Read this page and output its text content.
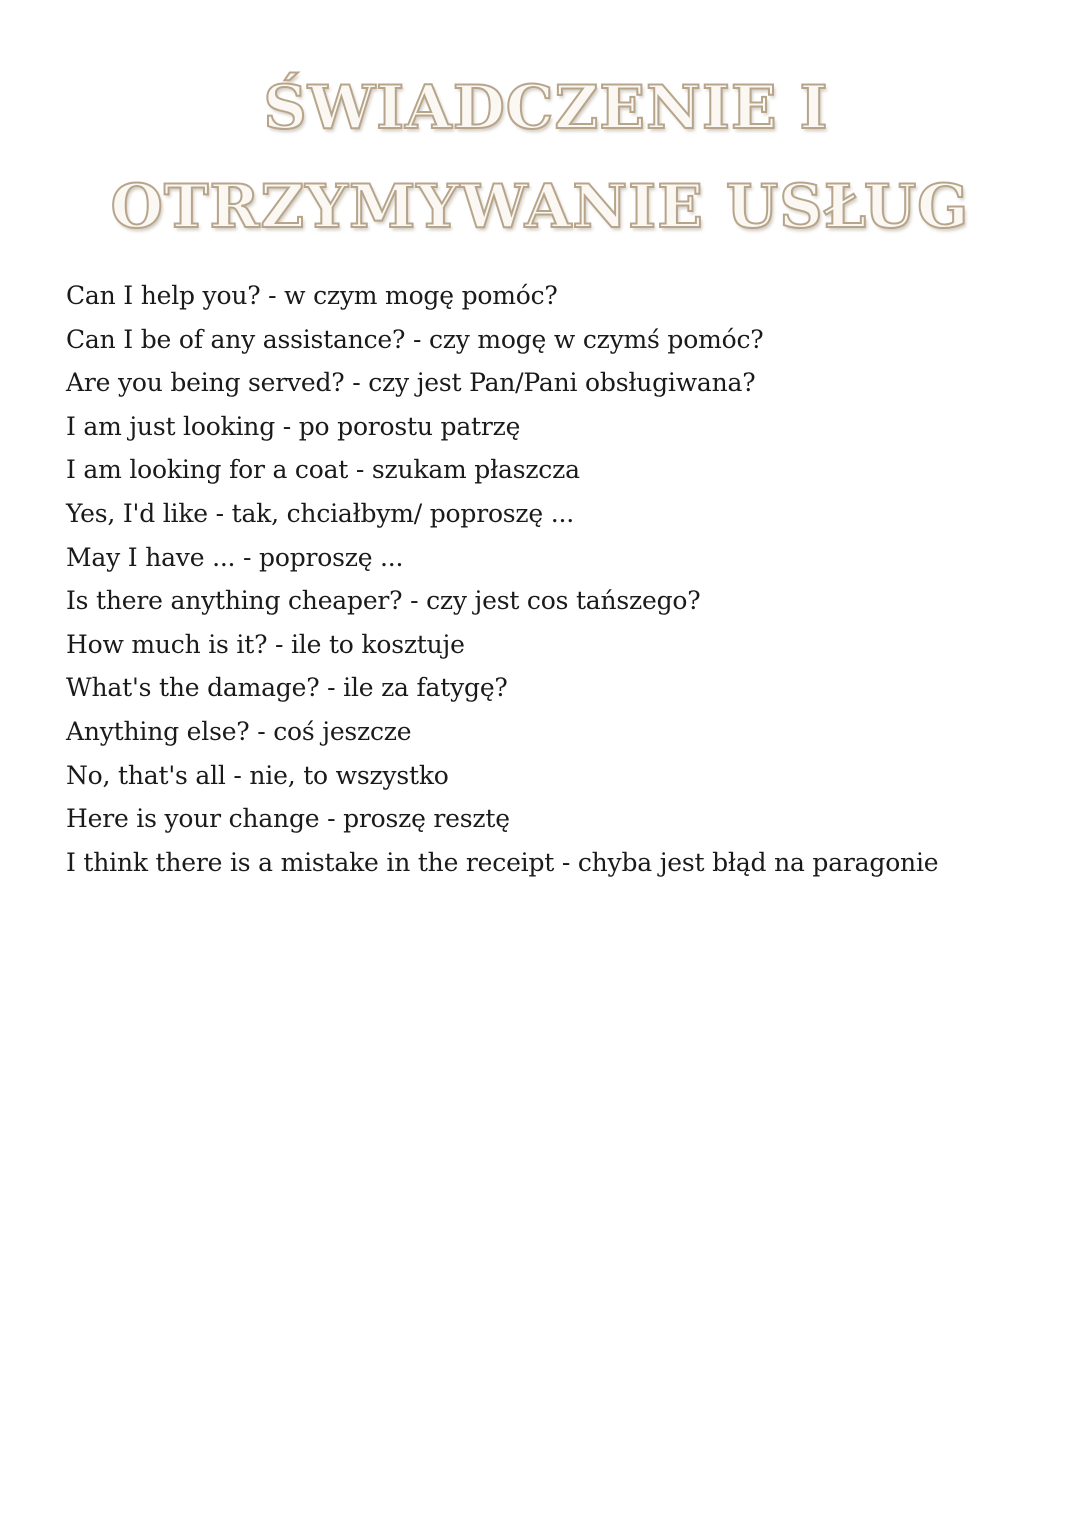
ŚWIADCZENIE I
OTRZYMYWANIE USŁUG
Can I help you? - w czym mogę pomóc?
Can I be of any assistance? - czy mogę w czymś pomóc?
Are you being served? - czy jest Pan/Pani obsługiwana?
I am just looking - po porostu patrzę
I am looking for a coat - szukam płaszcza
Yes, I'd like - tak, chciałbym/ poproszę ...
May I have ... - poproszę ...
Is there anything cheaper? - czy jest cos tańszego?
How much is it? - ile to kosztuje
What's the damage? - ile za fatygę?
Anything else? - coś jeszcze
No, that's all - nie, to wszystko
Here is your change - proszę resztę
I think there is a mistake in the receipt - chyba jest błąd na paragonie
